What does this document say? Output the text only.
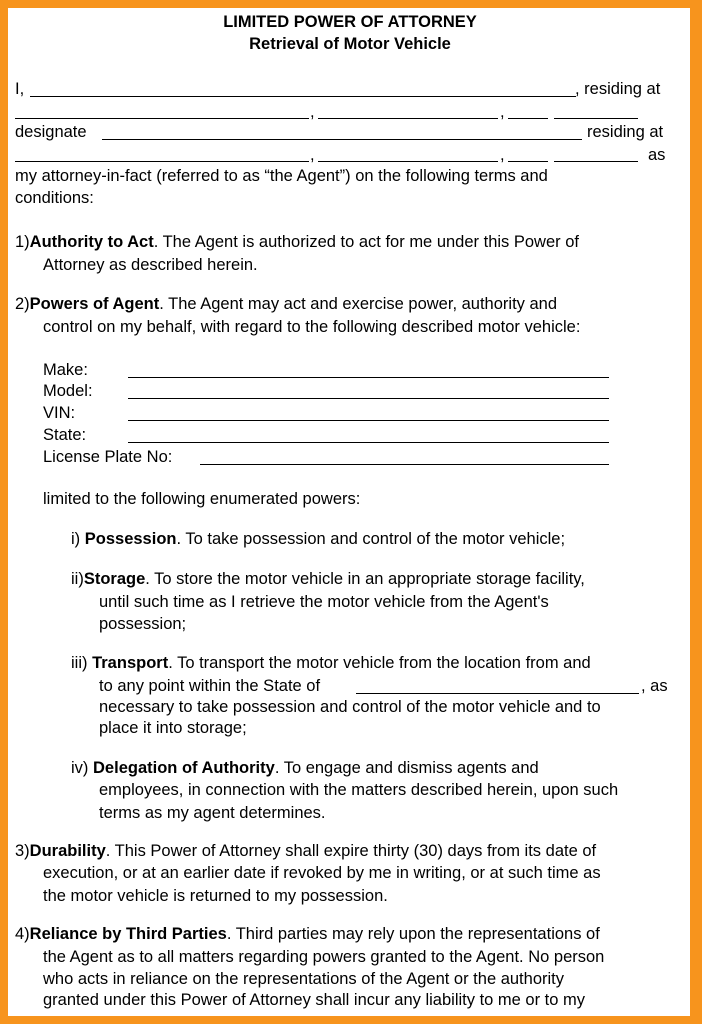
LIMITED POWER OF ATTORNEY
Retrieval of Motor Vehicle
I,	, residing at
,	,
designate	residing at
,	,	as
my attorney-in-fact (referred to as “the Agent”) on the following terms and
conditions:
1)Authority to Act. The Agent is authorized to act for me under this Power of
Attorney as described herein.
2)Powers of Agent. The Agent may act and exercise power, authority and
control on my behalf, with regard to the following described motor vehicle:
Make:
Model:
VIN:
State:
License Plate No:
limited to the following enumerated powers:
i) Possession. To take possession and control of the motor vehicle;
ii)Storage. To store the motor vehicle in an appropriate storage facility,
until such time as I retrieve the motor vehicle from the Agent's
possession;
iii) Transport. To transport the motor vehicle from the location from and
to any point within the State of	, as
necessary to take possession and control of the motor vehicle and to
place it into storage;
iv) Delegation of Authority. To engage and dismiss agents and
employees, in connection with the matters described herein, upon such
terms as my agent determines.
3)Durability. This Power of Attorney shall expire thirty (30) days from its date of
execution, or at an earlier date if revoked by me in writing, or at such time as
the motor vehicle is returned to my possession.
4)Reliance by Third Parties. Third parties may rely upon the representations of
the Agent as to all matters regarding powers granted to the Agent. No person
who acts in reliance on the representations of the Agent or the authority
granted under this Power of Attorney shall incur any liability to me or to my
